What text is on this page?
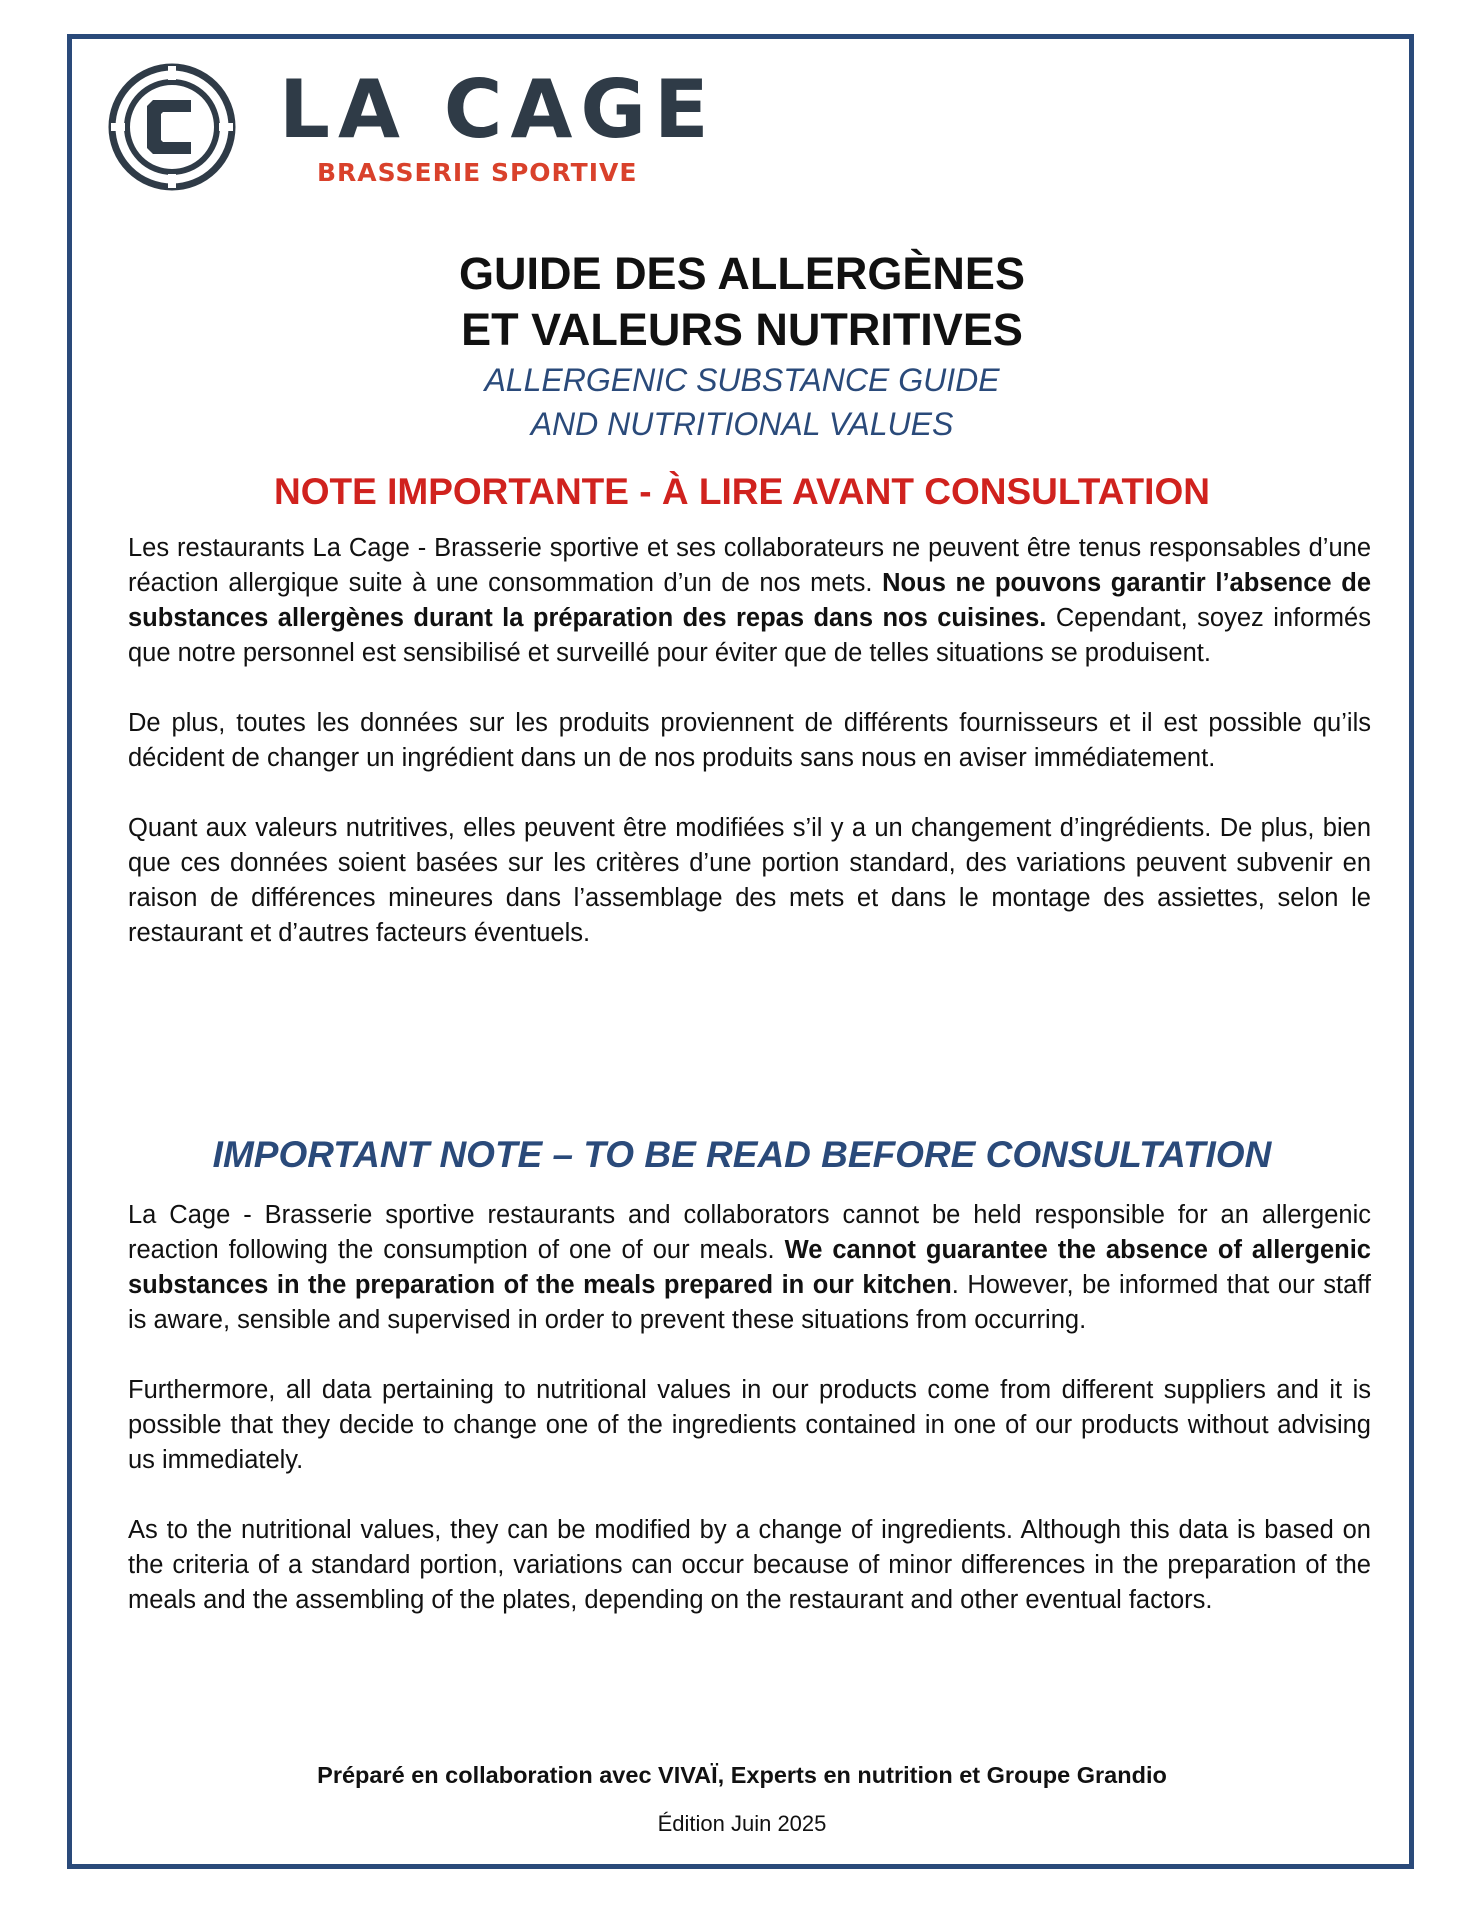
LA CAGE
BRASSERIE SPORTIVE
GUIDE DES ALLERGÈNES
ET VALEURS NUTRITIVES
ALLERGENIC SUBSTANCE GUIDE
AND NUTRITIONAL VALUES
NOTE IMPORTANTE - À LIRE AVANT CONSULTATION

Les restaurants La Cage - Brasserie sportive et ses collaborateurs ne peuvent être tenus responsables d’une réaction allergique suite à une consommation d’un de nos mets. Nous ne pouvons garantir l’absence de substances allergènes durant la préparation des repas dans nos cuisines. Cependant, soyez informés que notre personnel est sensibilisé et surveillé pour éviter que de telles situations se produisent.

De plus, toutes les données sur les produits proviennent de différents fournisseurs et il est possible qu’ils décident de changer un ingrédient dans un de nos produits sans nous en aviser immédiatement.

Quant aux valeurs nutritives, elles peuvent être modifiées s’il y a un changement d’ingrédients. De plus, bien que ces données soient basées sur les critères d’une portion standard, des variations peuvent subvenir en raison de différences mineures dans l’assemblage des mets et dans le montage des assiettes, selon le restaurant et d’autres facteurs éventuels.

IMPORTANT NOTE – TO BE READ BEFORE CONSULTATION

La Cage - Brasserie sportive restaurants and collaborators cannot be held responsible for an allergenic reaction following the consumption of one of our meals. We cannot guarantee the absence of allergenic substances in the preparation of the meals prepared in our kitchen. However, be informed that our staff is aware, sensible and supervised in order to prevent these situations from occurring.

Furthermore, all data pertaining to nutritional values in our products come from different suppliers and it is possible that they decide to change one of the ingredients contained in one of our products without advising us immediately.

As to the nutritional values, they can be modified by a change of ingredients. Although this data is based on the criteria of a standard portion, variations can occur because of minor differences in the preparation of the meals and the assembling of the plates, depending on the restaurant and other eventual factors.

Préparé en collaboration avec VIVAÏ, Experts en nutrition et Groupe Grandio
Édition Juin 2025
